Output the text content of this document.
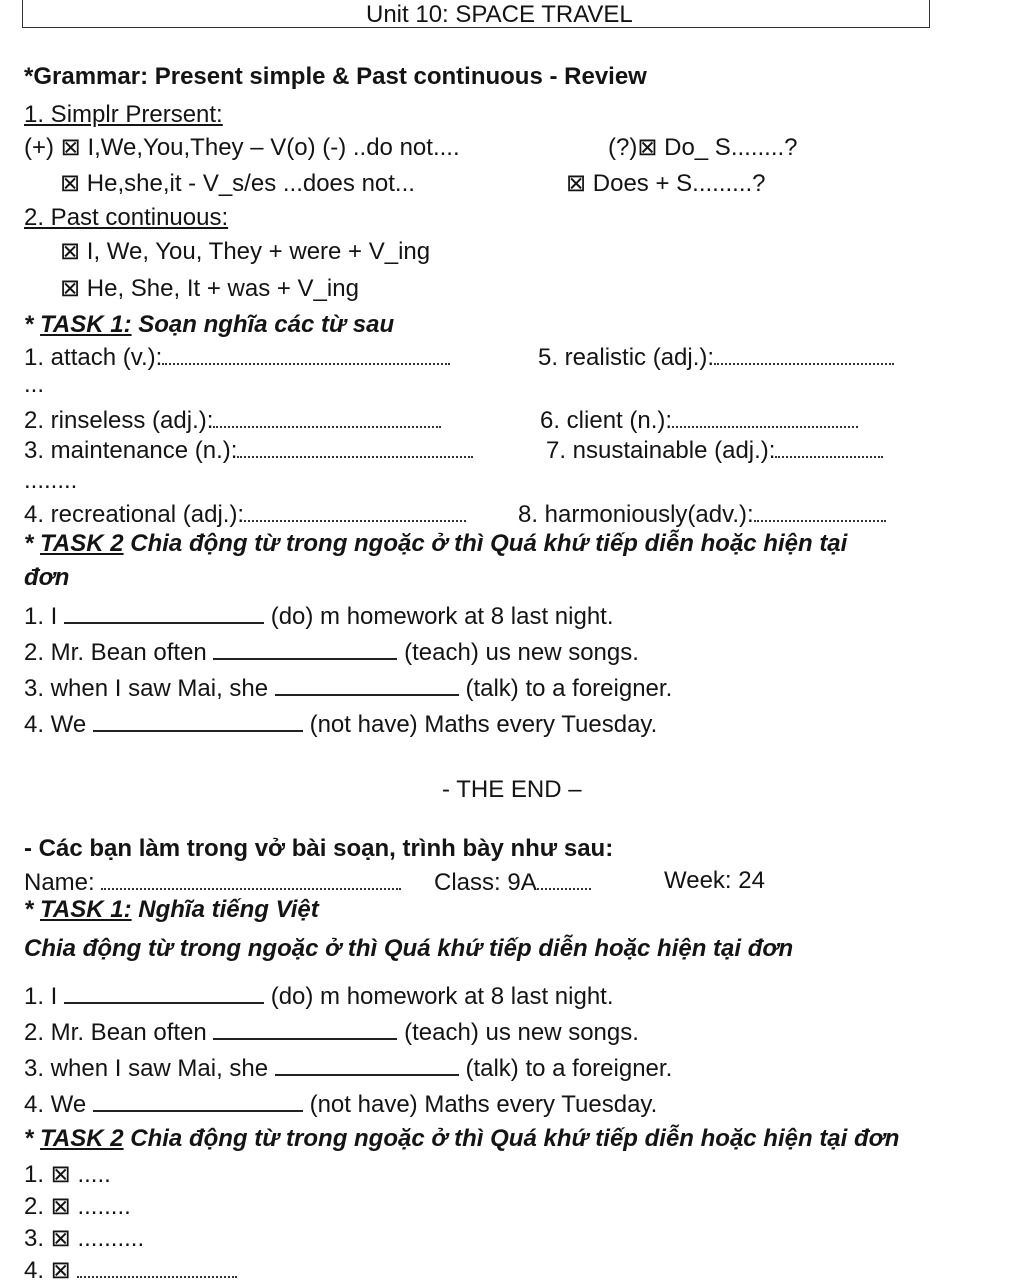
Unit 10: SPACE TRAVEL
*Grammar: Present simple & Past continuous - Review
1. Simplr Prersent:
(+) ⊠ I,We,You,They – V(o) (-) ..do not....	(?)⊠ Do_ S........?
⊠ He,she,it - V_s/es ...does not...	⊠ Does + S.........?
2. Past continuous:
⊠ I, We, You, They + were + V_ing
⊠ He, She, It + was + V_ing
* TASK 1: Soạn nghĩa các từ sau
1. attach (v.):	5. realistic (adj.):
...
2. rinseless (adj.):	6. client (n.):
3. maintenance (n.):	7. nsustainable (adj.):
........
4. recreational (adj.):	8. harmoniously(adv.):
* TASK 2 Chia động từ trong ngoặc ở thì Quá khứ tiếp diễn hoặc hiện tại
đơn
1. I	(do) m homework at 8 last night.
2. Mr. Bean often	(teach) us new songs.
3. when I saw Mai, she	(talk) to a foreigner.
4. We	(not have) Maths every Tuesday.
- THE END –
- Các bạn làm trong vở bài soạn, trình bày như sau:
Name:	Class: 9A	Week: 24
* TASK 1: Nghĩa tiếng Việt
Chia động từ trong ngoặc ở thì Quá khứ tiếp diễn hoặc hiện tại đơn
1. I	(do) m homework at 8 last night.
2. Mr. Bean often	(teach) us new songs.
3. when I saw Mai, she	(talk) to a foreigner.
4. We	(not have) Maths every Tuesday.
* TASK 2 Chia động từ trong ngoặc ở thì Quá khứ tiếp diễn hoặc hiện tại đơn
1. ⊠ .....
2. ⊠ ........
3. ⊠ ..........
4. ⊠
